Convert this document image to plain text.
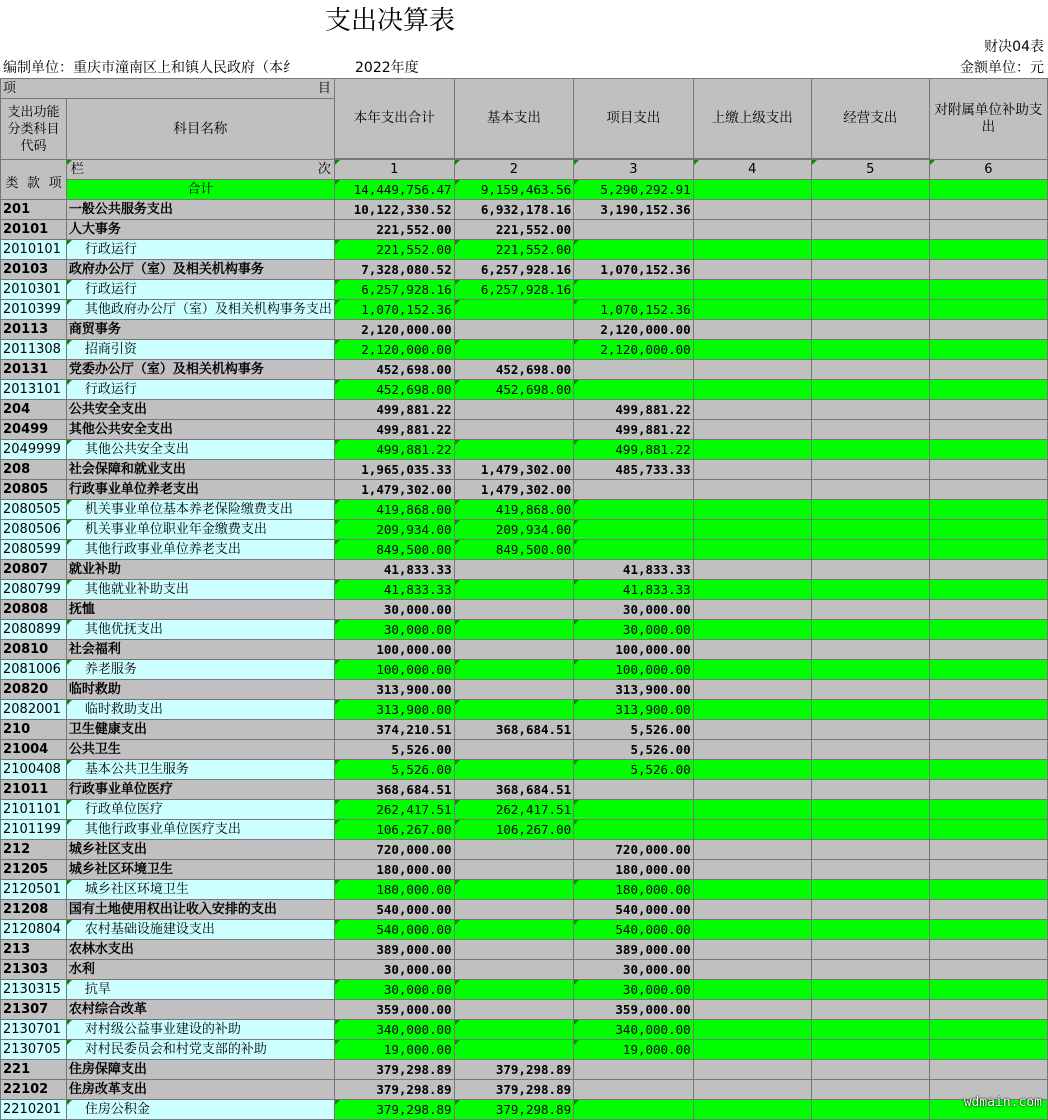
支出决算表
财决04表
编制单位：重庆市潼南区上和镇人民政府（本纟	2022年度	金额单位：元
项 目		本年支出合计	基本支出	项目支出	上缴上级支出	经营支出	对附属单位补助支出
支出功能分类科目代码	科目名称						

类 款 项	栏 次	1	2	3	4	5	6
	合计	14,449,756.47	9,159,463.56	5,290,292.91			
201	一般公共服务支出	10,122,330.52	6,932,178.16	3,190,152.36			
20101	人大事务	221,552.00	221,552.00				
2010101	行政运行	221,552.00	221,552.00				
20103	政府办公厅（室）及相关机构事务	7,328,080.52	6,257,928.16	1,070,152.36			
2010301	行政运行	6,257,928.16	6,257,928.16				
2010399	其他政府办公厅（室）及相关机构事务支出	1,070,152.36		1,070,152.36			
20113	商贸事务	2,120,000.00		2,120,000.00			
2011308	招商引资	2,120,000.00		2,120,000.00			
20131	党委办公厅（室）及相关机构事务	452,698.00	452,698.00				
2013101	行政运行	452,698.00	452,698.00				
204	公共安全支出	499,881.22		499,881.22			
20499	其他公共安全支出	499,881.22		499,881.22			
2049999	其他公共安全支出	499,881.22		499,881.22			
208	社会保障和就业支出	1,965,035.33	1,479,302.00	485,733.33			
20805	行政事业单位养老支出	1,479,302.00	1,479,302.00				
2080505	机关事业单位基本养老保险缴费支出	419,868.00	419,868.00				
2080506	机关事业单位职业年金缴费支出	209,934.00	209,934.00				
2080599	其他行政事业单位养老支出	849,500.00	849,500.00				
20807	就业补助	41,833.33		41,833.33			
2080799	其他就业补助支出	41,833.33		41,833.33			
20808	抚恤	30,000.00		30,000.00			
2080899	其他优抚支出	30,000.00		30,000.00			
20810	社会福利	100,000.00		100,000.00			
2081006	养老服务	100,000.00		100,000.00			
20820	临时救助	313,900.00		313,900.00			
2082001	临时救助支出	313,900.00		313,900.00			
210	卫生健康支出	374,210.51	368,684.51	5,526.00			
21004	公共卫生	5,526.00		5,526.00			
2100408	基本公共卫生服务	5,526.00		5,526.00			
21011	行政事业单位医疗	368,684.51	368,684.51				
2101101	行政单位医疗	262,417.51	262,417.51				
2101199	其他行政事业单位医疗支出	106,267.00	106,267.00				
212	城乡社区支出	720,000.00		720,000.00			
21205	城乡社区环境卫生	180,000.00		180,000.00			
2120501	城乡社区环境卫生	180,000.00		180,000.00			
21208	国有土地使用权出让收入安排的支出	540,000.00		540,000.00			
2120804	农村基础设施建设支出	540,000.00		540,000.00			
213	农林水支出	389,000.00		389,000.00			
21303	水利	30,000.00		30,000.00			
2130315	抗旱	30,000.00		30,000.00			
21307	农村综合改革	359,000.00		359,000.00			
2130701	对村级公益事业建设的补助	340,000.00		340,000.00			
2130705	对村民委员会和村党支部的补助	19,000.00		19,000.00			
221	住房保障支出	379,298.89	379,298.89				
22102	住房改革支出	379,298.89	379,298.89				
2210201	住房公积金	379,298.89	379,298.89					wdmain.com
